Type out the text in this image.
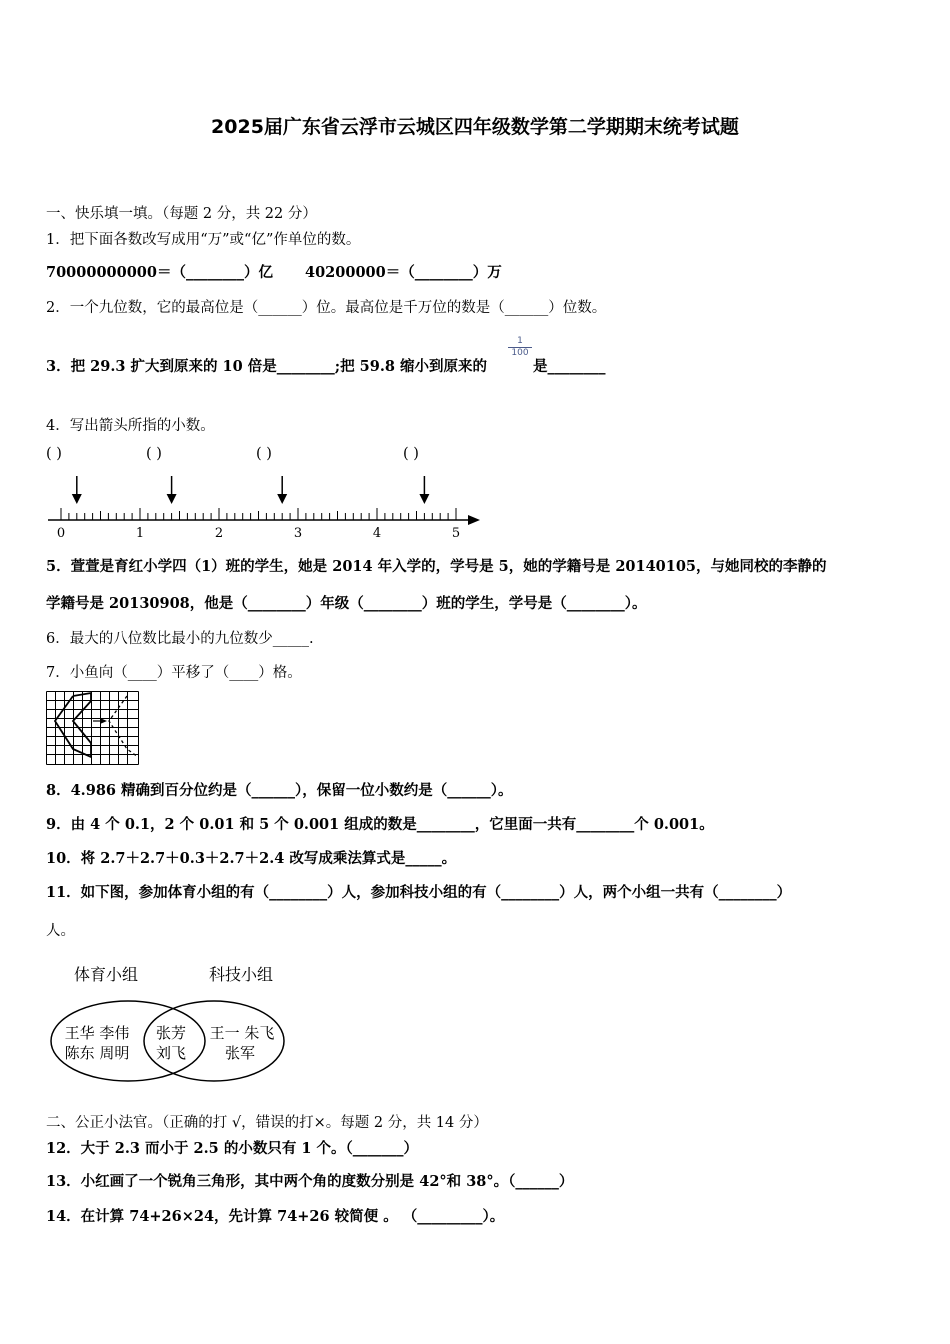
2025届广东省云浮市云城区四年级数学第二学期期末统考试题
一、快乐填一填。（每题 2 分，共 22 分）
1．把下面各数改写成用“万”或“亿”作单位的数。
70000000000＝（________）亿 40200000＝（________）万
2．一个九位数，它的最高位是（______）位。最高位是千万位的数是（______）位数。
3．把 29.3 扩大到原来的 10 倍是________;把 59.8 缩小到原来的
$\frac{1}{100}$
是________
4．写出箭头所指的小数。
( )	( )	( )	( )
0	1	2	3	4	5
5．萱萱是育红小学四（1）班的学生，她是 2014 年入学的，学号是 5，她的学籍号是 20140105，与她同校的李静的
学籍号是 20130908，他是（________）年级（________）班的学生，学号是（________）。
6．最大的八位数比最小的九位数少_____.
7．小鱼向（____）平移了（____）格。
8．4.986 精确到百分位约是（______），保留一位小数约是（______）。
9．由 4 个 0.1，2 个 0.01 和 5 个 0.001 组成的数是________，它里面一共有________个 0.001。
10．将 2.7＋2.7＋0.3＋2.7＋2.4 改写成乘法算式是_____。
11．如下图，参加体育小组的有（________）人，参加科技小组的有（________）人，两个小组一共有（________）
人。
体育小组	科技小组
王华 李伟
陈东 周明
张芳
刘飞
王一 朱飞
张军
二、公正小法官。（正确的打 √，错误的打×。每题 2 分，共 14 分）
12．大于 2.3 而小于 2.5 的小数只有 1 个。（_______）
13．小红画了一个锐角三角形，其中两个角的度数分别是 42°和 38°。（______）
14．在计算 74+26×24，先计算 74+26 较简便 。 （_________）。
